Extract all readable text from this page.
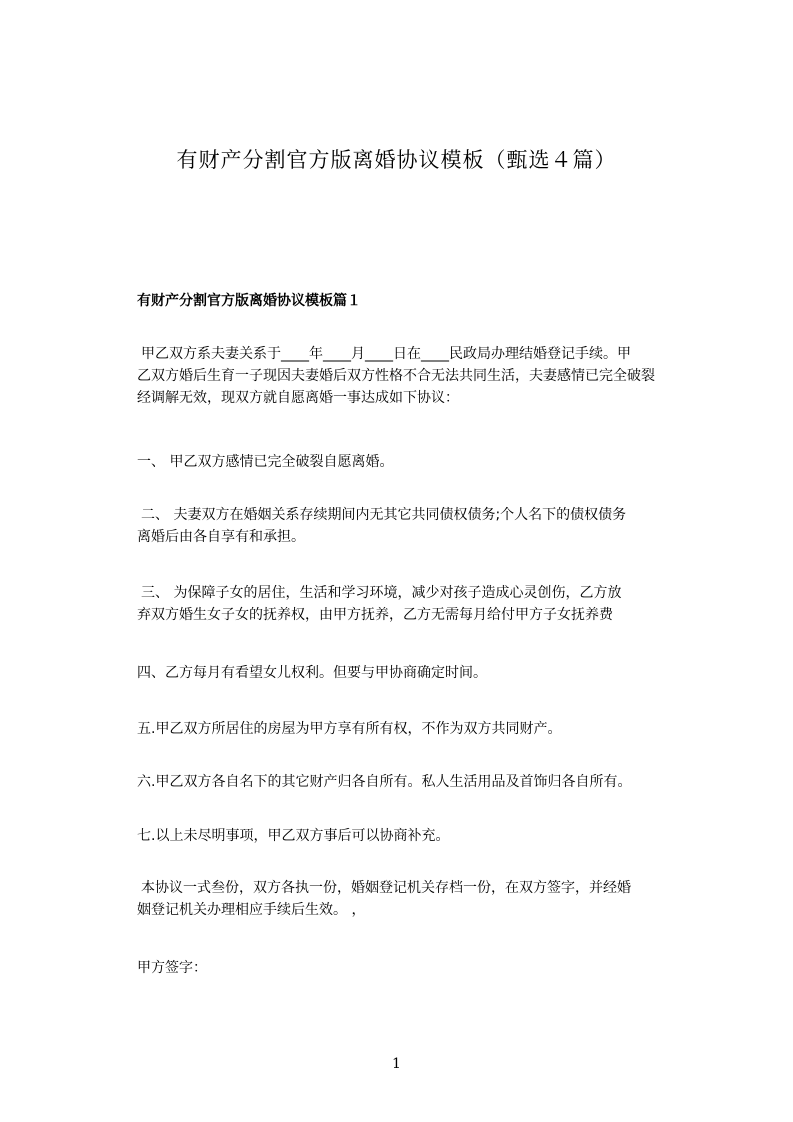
有财产分割官方版离婚协议模板（甄选４篇）
有财产分割官方版离婚协议模板篇１
甲乙双方系夫妻关系于____年____月____日在____民政局办理结婚登记手续。甲
乙双方婚后生育一子现因夫妻婚后双方性格不合无法共同生活，夫妻感情已完全破裂
经调解无效，现双方就自愿离婚一事达成如下协议：
一、 甲乙双方感情已完全破裂自愿离婚。
二、 夫妻双方在婚姻关系存续期间内无其它共同债权债务;个人名下的债权债务
离婚后由各自享有和承担。
三、 为保障子女的居住，生活和学习环境，减少对孩子造成心灵创伤，乙方放
弃双方婚生女子女的抚养权，由甲方抚养，乙方无需每月给付甲方子女抚养费
四、乙方每月有看望女儿权利。但要与甲协商确定时间。
五.甲乙双方所居住的房屋为甲方享有所有权，不作为双方共同财产。
六.甲乙双方各自名下的其它财产归各自所有。私人生活用品及首饰归各自所有。
七.以上未尽明事项，甲乙双方事后可以协商补充。
本协议一式叁份，双方各执一份，婚姻登记机关存档一份，在双方签字，并经婚
姻登记机关办理相应手续后生效。 ，
甲方签字：
1
